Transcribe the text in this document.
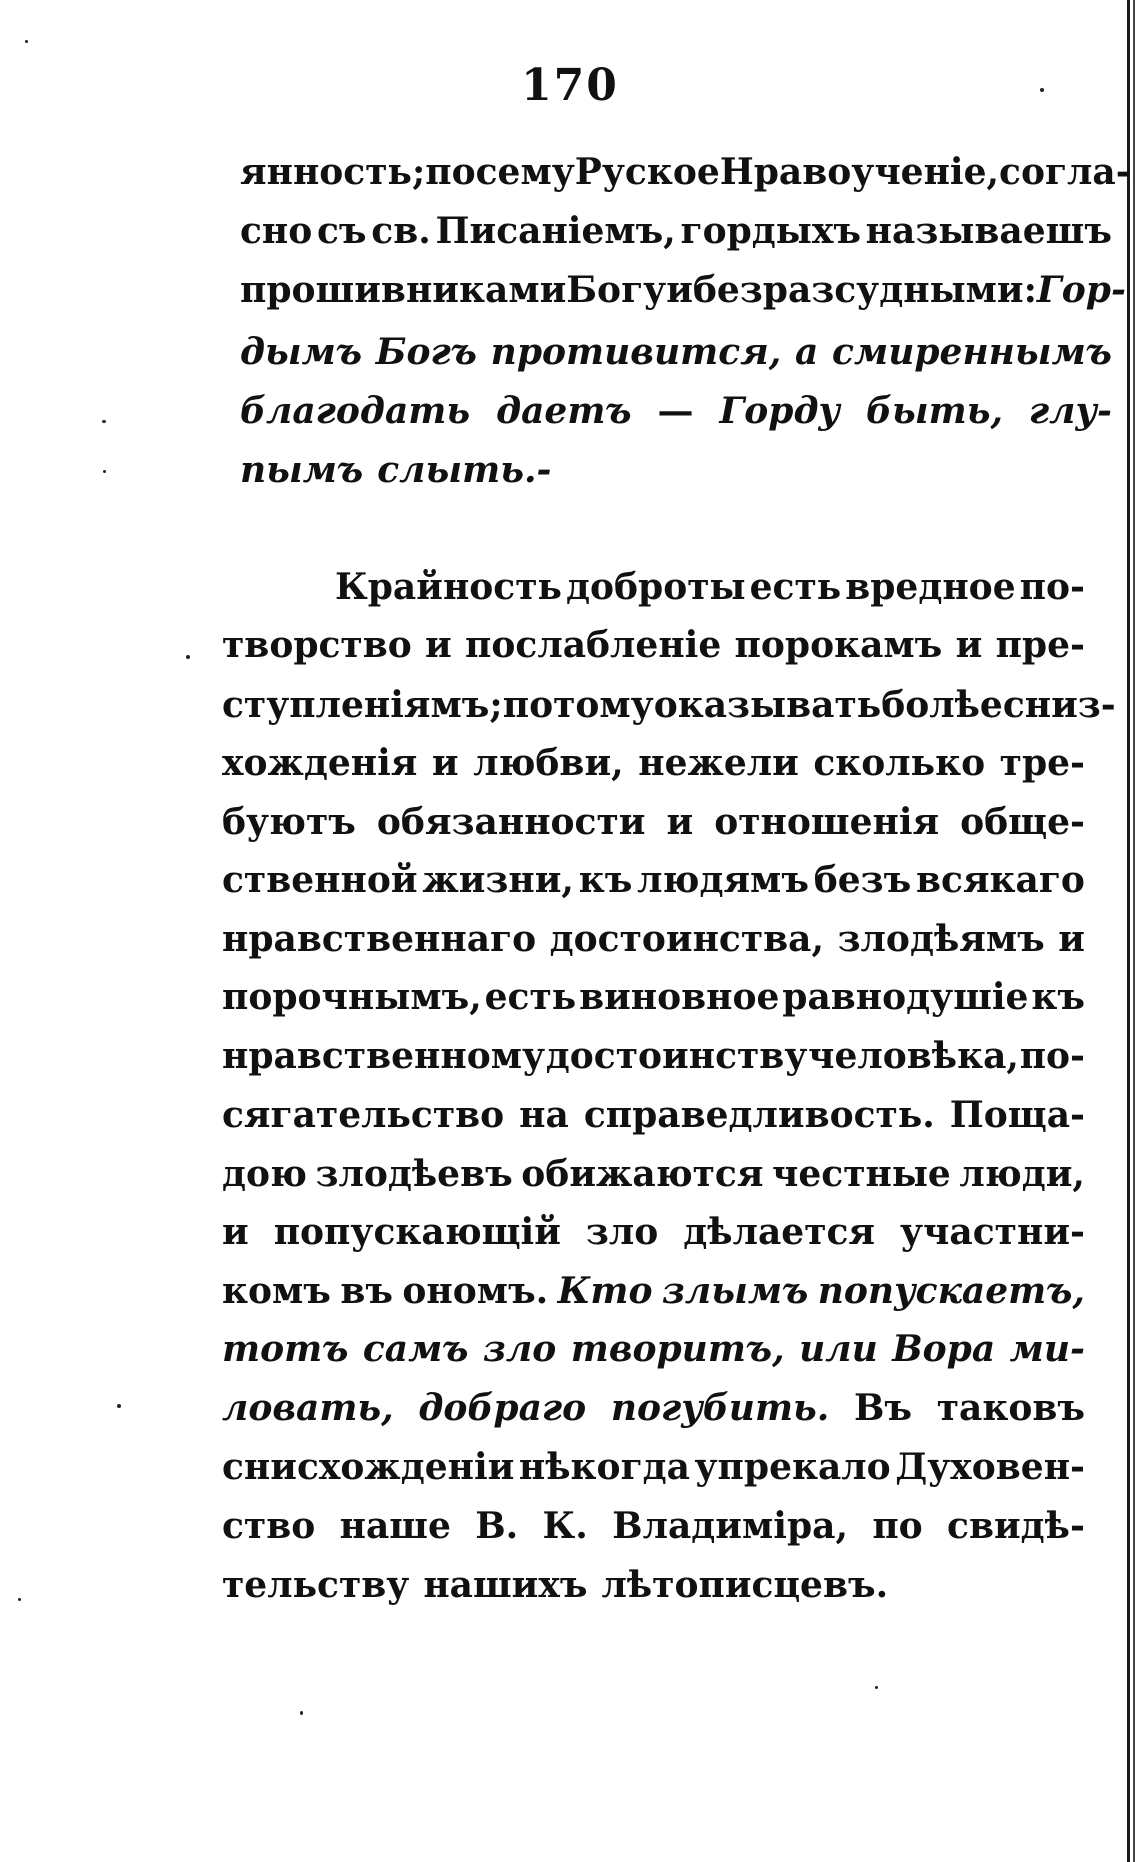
170
янность; по сему Руское Нравоученіе, согла-
сно съ св. Писаніемъ, гордыхъ называешъ
прошивниками Богу и безразсудными: Гор-
дымъ Богъ противится, а смиреннымъ
благодать даетъ — Горду быть, глу-
пымъ слыть.-
Крайность доброты есть вредное по-
творство и послабленіе порокамъ и пре-
ступленіямъ; потому оказывать болѣе сниз-
хожденія и любви, нежели сколько тре-
буютъ обязанности и отношенія обще-
ственной жизни, къ людямъ безъ всякаго
нравственнаго достоинства, злодѣямъ и
порочнымъ, есть виновное равнодушіе къ
нравственному достоинству человѣка, по-
сягательство на справедливость. Поща-
дою злодѣевъ обижаются честные люди,
и попускающій зло дѣлается участни-
комъ въ ономъ. Кто злымъ попускаетъ,
тотъ самъ зло творитъ, или Вора ми-
ловать, добраго погубить. Въ таковъ
снисхожденіи нѣкогда упрекало Духовен-
ство наше В. К. Владиміра, по свидѣ-
тельству нашихъ лѣтописцевъ.
